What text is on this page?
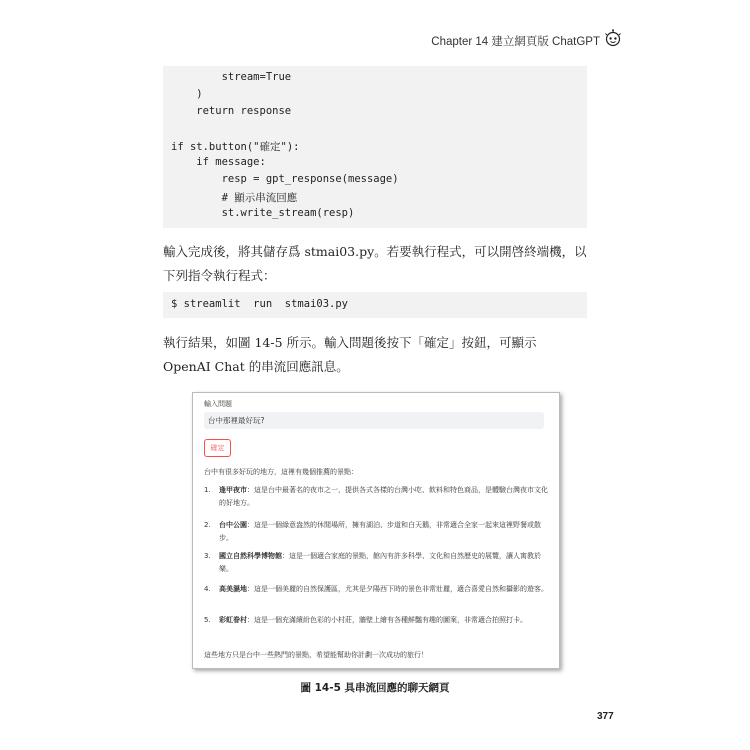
Chapter 14 建立網頁版 ChatGPT
stream=True
)
return response
if st.button("確定"):
if message:
resp = gpt_response(message)
# 顯示串流回應
st.write_stream(resp)
輸入完成後，將其儲存爲 stmai03.py。若要執行程式，可以開啓終端機，以下列指令執行程式：
$ streamlit  run  stmai03.py
執行結果，如圖 14-5 所示。輸入問題後按下「確定」按鈕，可顯示 OpenAI Chat 的串流回應訊息。
輸入問題
台中那裡最好玩?
確定
台中有很多好玩的地方，這裡有幾個推薦的景點：
1. 逢甲夜市：這是台中最著名的夜市之一，提供各式各樣的台灣小吃、飲料和特色商品，是體驗台灣夜市文化的好地方。
2. 台中公園：這是一個綠意盎然的休閒場所，擁有湖泊、步道和白天鵝，非常適合全家一起來這裡野餐或散步。
3. 國立自然科學博物館：這是一個適合家庭的景點，館內有許多科學、文化和自然歷史的展覽，讓人寓教於樂。
4. 高美濕地：這是一個美麗的自然保護區，尤其是夕陽西下時的景色非常壯麗，適合喜愛自然和攝影的遊客。
5. 彩虹眷村：這是一個充滿繽紛色彩的小村莊，牆壁上繪有各種鮮豔有趣的圖案，非常適合拍照打卡。
這些地方只是台中一些熱門的景點，希望能幫助你計劃一次成功的旅行！
圖 14-5 具串流回應的聊天網頁
377
